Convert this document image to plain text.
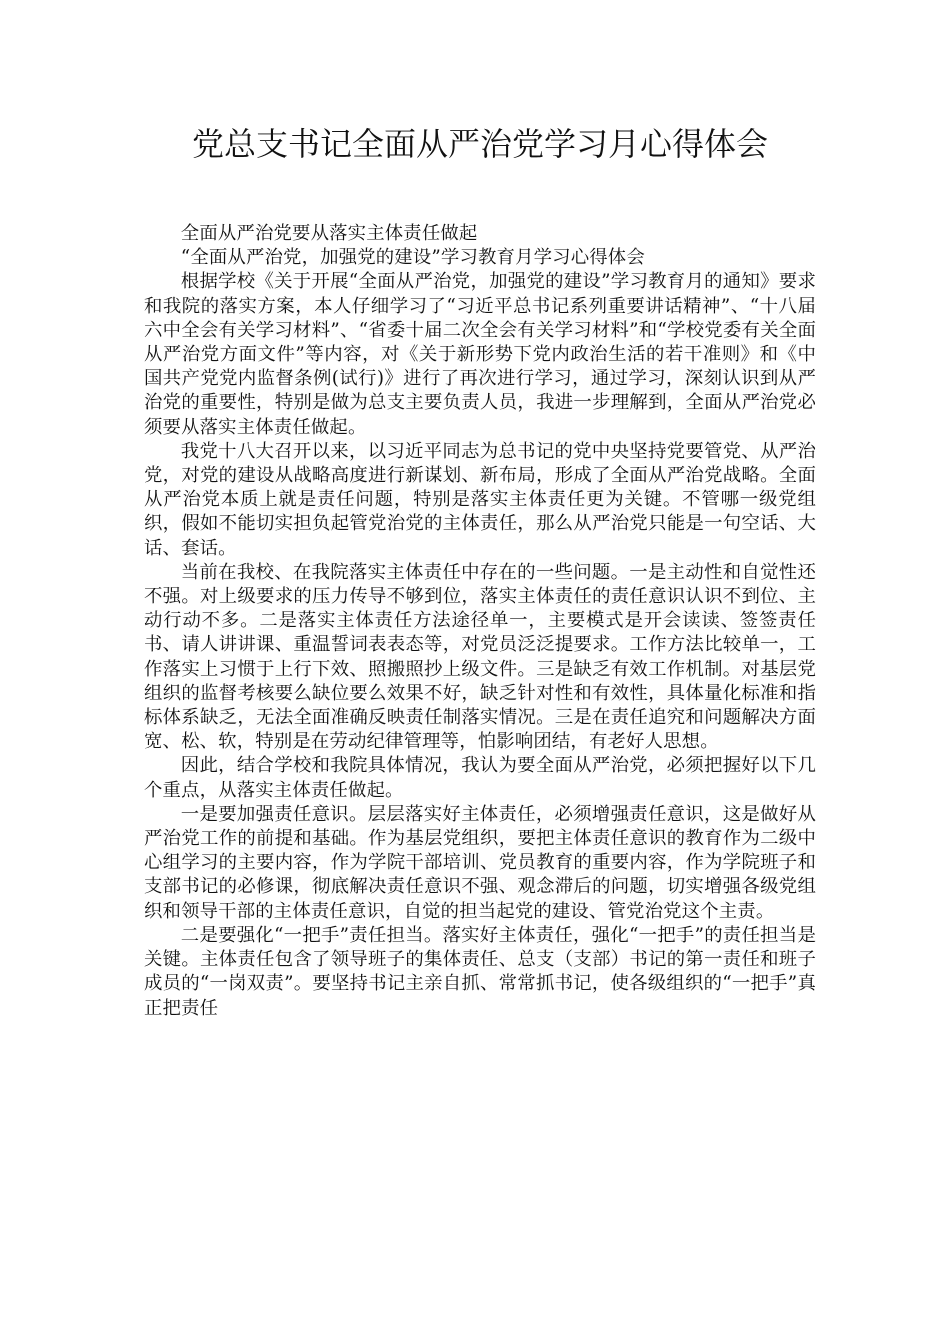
党总支书记全面从严治党学习月心得体会

全面从严治党要从落实主体责任做起

“全面从严治党，加强党的建设”学习教育月学习心得体会

根据学校《关于开展“全面从严治党，加强党的建设”学习教育月的通知》要求和我院的落实方案，本人仔细学习了“习近平总书记系列重要讲话精神”、“十八届六中全会有关学习材料”、“省委十届二次全会有关学习材料”和“学校党委有关全面从严治党方面文件”等内容，对《关于新形势下党内政治生活的若干准则》和《中国共产党党内监督条例(试行)》进行了再次进行学习，通过学习，深刻认识到从严治党的重要性，特别是做为总支主要负责人员，我进一步理解到，全面从严治党必须要从落实主体责任做起。

我党十八大召开以来，以习近平同志为总书记的党中央坚持党要管党、从严治党，对党的建设从战略高度进行新谋划、新布局，形成了全面从严治党战略。全面从严治党本质上就是责任问题，特别是落实主体责任更为关键。不管哪一级党组织，假如不能切实担负起管党治党的主体责任，那么从严治党只能是一句空话、大话、套话。

当前在我校、在我院落实主体责任中存在的一些问题。一是主动性和自觉性还不强。对上级要求的压力传导不够到位，落实主体责任的责任意识认识不到位、主动行动不多。二是落实主体责任方法途径单一，主要模式是开会读读、签签责任书、请人讲讲课、重温誓词表表态等，对党员泛泛提要求。工作方法比较单一，工作落实上习惯于上行下效、照搬照抄上级文件。三是缺乏有效工作机制。对基层党组织的监督考核要么缺位要么效果不好，缺乏针对性和有效性，具体量化标准和指标体系缺乏，无法全面准确反映责任制落实情况。三是在责任追究和问题解决方面宽、松、软，特别是在劳动纪律管理等，怕影响团结，有老好人思想。

因此，结合学校和我院具体情况，我认为要全面从严治党，必须把握好以下几个重点，从落实主体责任做起。

一是要加强责任意识。层层落实好主体责任，必须增强责任意识，这是做好从严治党工作的前提和基础。作为基层党组织，要把主体责任意识的教育作为二级中心组学习的主要内容，作为学院干部培训、党员教育的重要内容，作为学院班子和支部书记的必修课，彻底解决责任意识不强、观念滞后的问题，切实增强各级党组织和领导干部的主体责任意识，自觉的担当起党的建设、管党治党这个主责。

二是要强化“一把手”责任担当。落实好主体责任，强化“一把手”的责任担当是关键。主体责任包含了领导班子的集体责任、总支（支部）书记的第一责任和班子成员的“一岗双责”。要坚持书记主亲自抓、常常抓书记，使各级组织的“一把手”真正把责任
